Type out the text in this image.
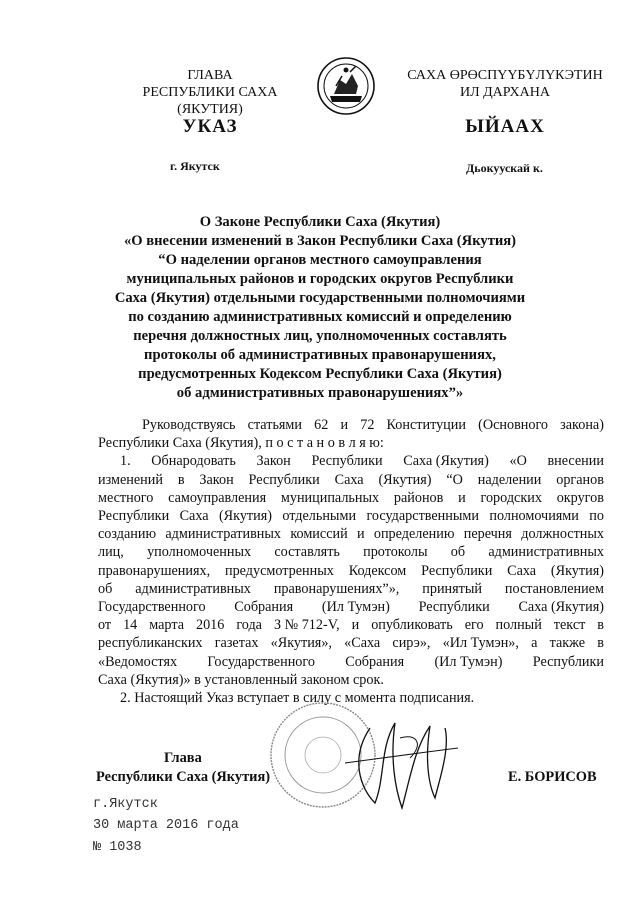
ГЛАВА
РЕСПУБЛИКИ САХА (ЯКУТИЯ)
САХА ӨРӨСПҮҮБҮЛҮКЭТИН
ИЛ ДАРХАНА
УКАЗ	ЫЙААХ
г. Якутск	Дьокуускай к.
О Законе Республики Саха (Якутия)
«О внесении изменений в Закон Республики Саха (Якутия)
“О наделении органов местного самоуправления
муниципальных районов и городских округов Республики
Саха (Якутия) отдельными государственными полномочиями
по созданию административных комиссий и определению
перечня должностных лиц, уполномоченных составлять
протоколы об административных правонарушениях,
предусмотренных Кодексом Республики Саха (Якутия)
об административных правонарушениях”»
Руководствуясь статьями 62 и 72 Конституции (Основного закона)
Республики Саха (Якутия), п о с т а н о в л я ю:
1. Обнародовать Закон Республики Саха (Якутия) «О внесении
изменений в Закон Республики Саха (Якутия) “О наделении органов
местного самоуправления муниципальных районов и городских округов
Республики Саха (Якутия) отдельными государственными полномочиями по
созданию административных комиссий и определению перечня должностных
лиц, уполномоченных составлять протоколы об административных
правонарушениях, предусмотренных Кодексом Республики Саха (Якутия)
об административных правонарушениях”», принятый постановлением
Государственного Собрания (Ил Тумэн) Республики Саха (Якутия)
от 14 марта 2016 года З № 712-V, и опубликовать его полный текст в
республиканских газетах «Якутия», «Саха сирэ», «Ил Тумэн», а также в
«Ведомостях Государственного Собрания (Ил Тумэн) Республики
Саха (Якутия)» в установленный законом срок.
2. Настоящий Указ вступает в силу с момента подписания.
Глава
Республики Саха (Якутия)	Е. БОРИСОВ
г.Якутск
30 марта 2016 года
№ 1038
